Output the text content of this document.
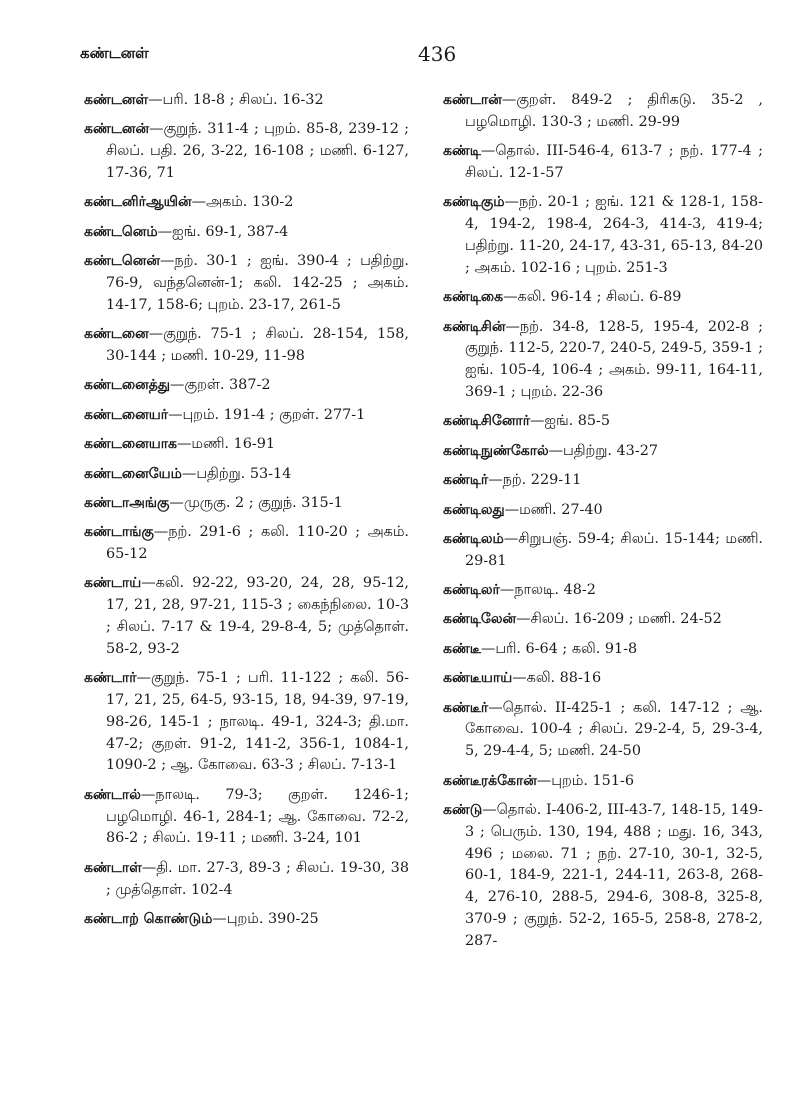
கண்டனள்	436

கண்டனள்—பரி. 18-8 ; சிலப். 16-32

கண்டனன்—குறுந். 311-4 ; புறம். 85-8, 239-12 ; சிலப். பதி. 26, 3-22, 16-108 ; மணி. 6-127, 17-36, 71

கண்டனிர்ஆயின்—அகம். 130-2

கண்டனெம்—ஐங். 69-1, 387-4

கண்டனென்—நற். 30-1 ; ஐங். 390-4 ; பதிற்று. 76-9, வந்தனென்-1; கலி. 142-25 ; அகம். 14-17, 158-6; புறம். 23-17, 261-5

கண்டனை—குறுந். 75-1 ; சிலப். 28-154, 158, 30-144 ; மணி. 10-29, 11-98

கண்டனைத்து—குறள். 387-2

கண்டனையர்—புறம். 191-4 ; குறள். 277-1

கண்டனையாக—மணி. 16-91

கண்டனையேம்—பதிற்று. 53-14

கண்டாஅங்கு—முருகு. 2 ; குறுந். 315-1

கண்டாங்கு—நற். 291-6 ; கலி. 110-20 ; அகம். 65-12

கண்டாய்—கலி. 92-22, 93-20, 24, 28, 95-12, 17, 21, 28, 97-21, 115-3 ; கைந்நிலை. 10-3 ; சிலப். 7-17 & 19-4, 29-8-4, 5; முத்தொள். 58-2, 93-2

கண்டார்—குறுந். 75-1 ; பரி. 11-122 ; கலி. 56-17, 21, 25, 64-5, 93-15, 18, 94-39, 97-19, 98-26, 145-1 ; நாலடி. 49-1, 324-3; தி.மா. 47-2; குறள். 91-2, 141-2, 356-1, 1084-1, 1090-2 ; ஆ. கோவை. 63-3 ; சிலப். 7-13-1

கண்டால்—நாலடி. 79-3; குறள். 1246-1; பழமொழி. 46-1, 284-1; ஆ. கோவை. 72-2, 86-2 ; சிலப். 19-11 ; மணி. 3-24, 101

கண்டாள்—தி. மா. 27-3, 89-3 ; சிலப். 19-30, 38 ; முத்தொள். 102-4

கண்டாற் கொண்டும்—புறம். 390-25

கண்டான்—குறள். 849-2 ; திரிகடு. 35-2 , பழமொழி. 130-3 ; மணி. 29-99

கண்டி—தொல். III-546-4, 613-7 ; நற். 177-4 ; சிலப். 12-1-57

கண்டிகும்—நற். 20-1 ; ஐங். 121 & 128-1, 158-4, 194-2, 198-4, 264-3, 414-3, 419-4; பதிற்று. 11-20, 24-17, 43-31, 65-13, 84-20 ; அகம். 102-16 ; புறம். 251-3

கண்டிகை—கலி. 96-14 ; சிலப். 6-89

கண்டிசின்—நற். 34-8, 128-5, 195-4, 202-8 ; குறுந். 112-5, 220-7, 240-5, 249-5, 359-1 ; ஐங். 105-4, 106-4 ; அகம். 99-11, 164-11, 369-1 ; புறம். 22-36

கண்டிசினோர்—ஐங். 85-5

கண்டிநுண்கோல்—பதிற்று. 43-27

கண்டிர்—நற். 229-11

கண்டிலது—மணி. 27-40

கண்டிலம்—சிறுபஞ். 59-4; சிலப். 15-144; மணி. 29-81

கண்டிலர்—நாலடி. 48-2

கண்டிலேன்—சிலப். 16-209 ; மணி. 24-52

கண்டீ—பரி. 6-64 ; கலி. 91-8

கண்டீயாய்—கலி. 88-16

கண்டீர்—தொல். II-425-1 ; கலி. 147-12 ; ஆ. கோவை. 100-4 ; சிலப். 29-2-4, 5, 29-3-4, 5, 29-4-4, 5; மணி. 24-50

கண்டீரக்கோன்—புறம். 151-6

கண்டு—தொல். I-406-2, III-43-7, 148-15, 149-3 ; பெரும். 130, 194, 488 ; மது. 16, 343, 496 ; மலை. 71 ; நற். 27-10, 30-1, 32-5, 60-1, 184-9, 221-1, 244-11, 263-8, 268-4, 276-10, 288-5, 294-6, 308-8, 325-8, 370-9 ; குறுந். 52-2, 165-5, 258-8, 278-2, 287-
